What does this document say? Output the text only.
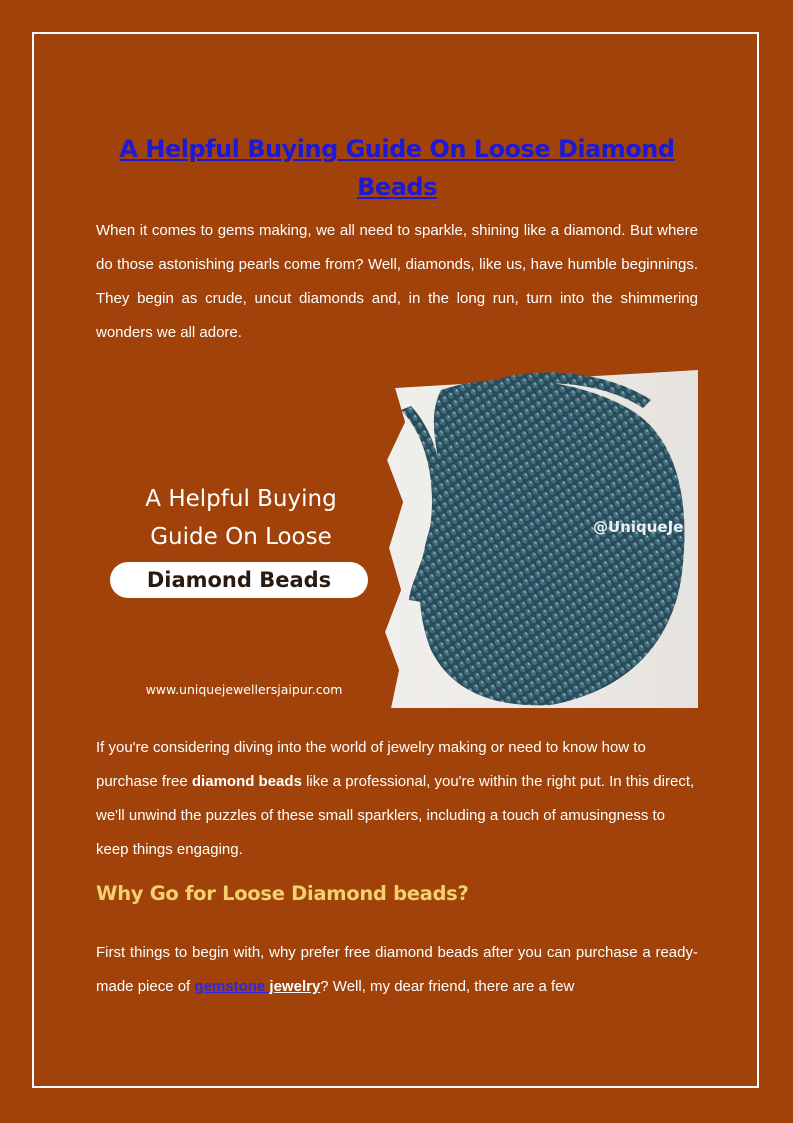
A Helpful Buying Guide On Loose Diamond Beads

When it comes to gems making, we all need to sparkle, shining like a diamond. But where do those astonishing pearls come from? Well, diamonds, like us, have humble beginnings. They begin as crude, uncut diamonds and, in the long run, turn into the shimmering wonders we all adore.

@UniqueJe
A Helpful Buying
Guide On Loose
Diamond Beads
www.uniquejewellersjaipur.com

If you're considering diving into the world of jewelry making or need to know how to purchase free diamond beads like a professional, you're within the right put. In this direct, we'll unwind the puzzles of these small sparklers, including a touch of amusingness to keep things engaging.

Why Go for Loose Diamond beads?

First things to begin with, why prefer free diamond beads after you can purchase a ready-made piece of gemstone jewelry? Well, my dear friend, there are a few
